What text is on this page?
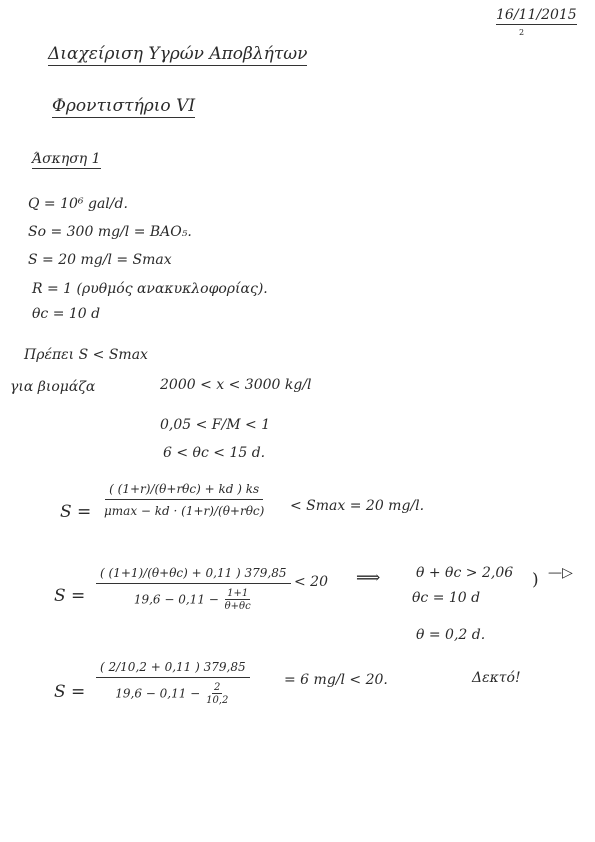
16/11/2015
2
Διαχείριση Υγρών Αποβλήτων
Φροντιστήριο VI
Άσκηση 1
Q = 10⁶ gal/d.
So = 300 mg/l = BAO₅.
S = 20 mg/l = Smax
R = 1 (ρυθμός ανακυκλοφορίας).
θc = 10 d
Πρέπει S < Smax
για βιομάζα	2000 < x < 3000 kg/l
0,05 < F/M < 1
6 < θc < 15 d.
S =
( (1+r)/(θ+rθc) + kd ) ks
μmax − kd · (1+r)/(θ+rθc) < Smax = 20 mg/l.
$S = \frac{( (1+1)/(\theta+\theta c) + 0,11 ) 379,85}{19,6 - 0,11 - \frac{1+1}{\theta+\theta c}} < 20$ ⟹	θ + θc > 2,06
θc = 10 d
) —▷
θ = 0,2 d.
$S = \frac{( 2/10,2 + 0,11 ) 379,85}{19,6 - 0,11 - \frac{2}{10,2}} = 6$ mg/l < 20.	Δεκτό!
